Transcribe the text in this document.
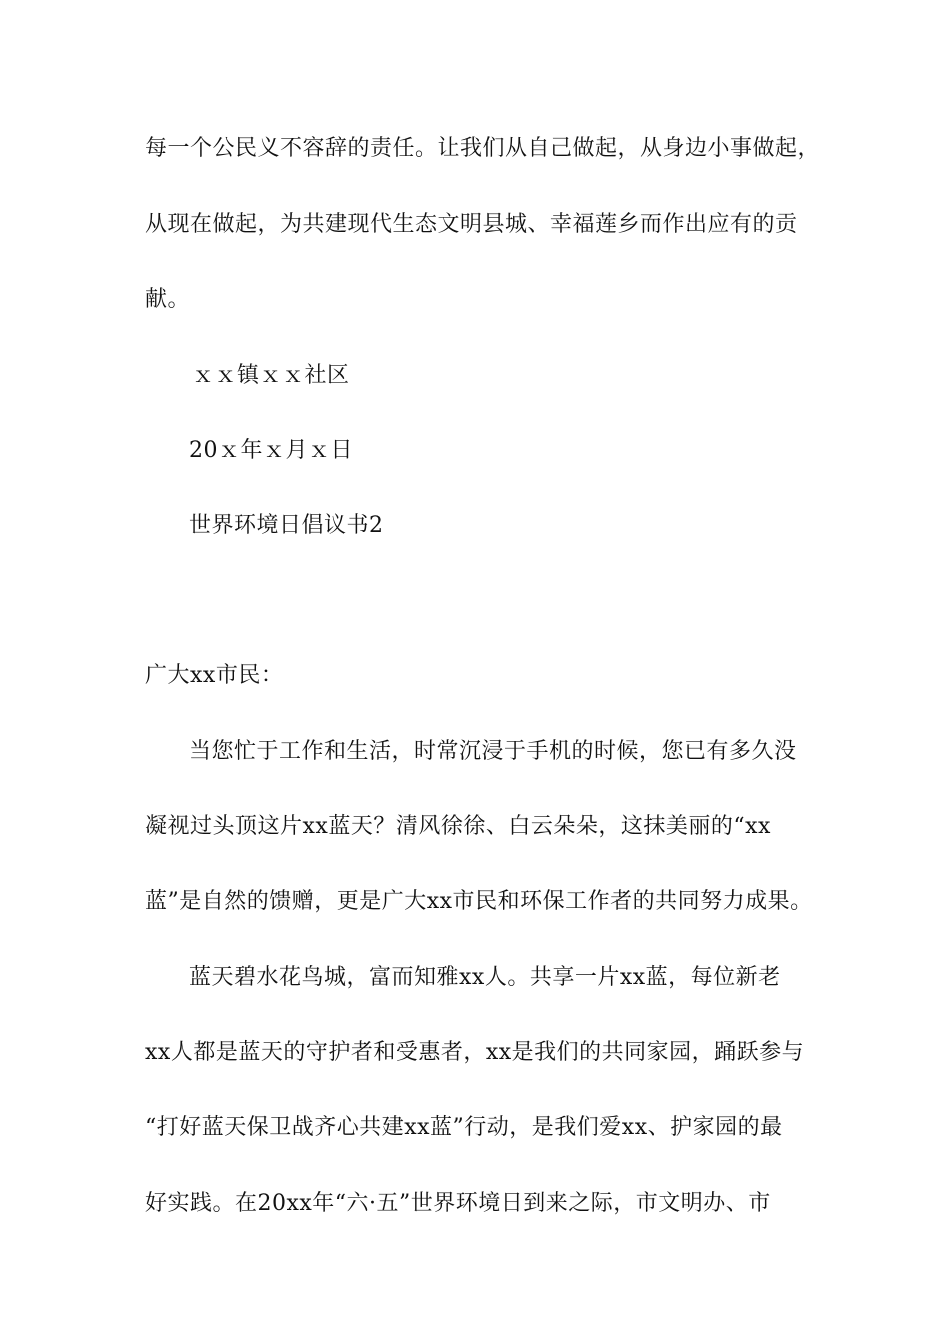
每一个公民义不容辞的责任。让我们从自己做起，从身边小事做起，
从现在做起，为共建现代生态文明县城、幸福莲乡而作出应有的贡
献。
ｘｘ镇ｘｘ社区
20ｘ年ｘ月ｘ日
世界环境日倡议书2
广大xx市民：
当您忙于工作和生活，时常沉浸于手机的时候，您已有多久没
凝视过头顶这片xx蓝天？清风徐徐、白云朵朵，这抹美丽的“xx
蓝”是自然的馈赠，更是广大xx市民和环保工作者的共同努力成果。
蓝天碧水花鸟城，富而知雅xx人。共享一片xx蓝，每位新老
xx人都是蓝天的守护者和受惠者，xx是我们的共同家园，踊跃参与
“打好蓝天保卫战齐心共建xx蓝”行动，是我们爱xx、护家园的最
好实践。在20xx年“六·五”世界环境日到来之际，市文明办、市
